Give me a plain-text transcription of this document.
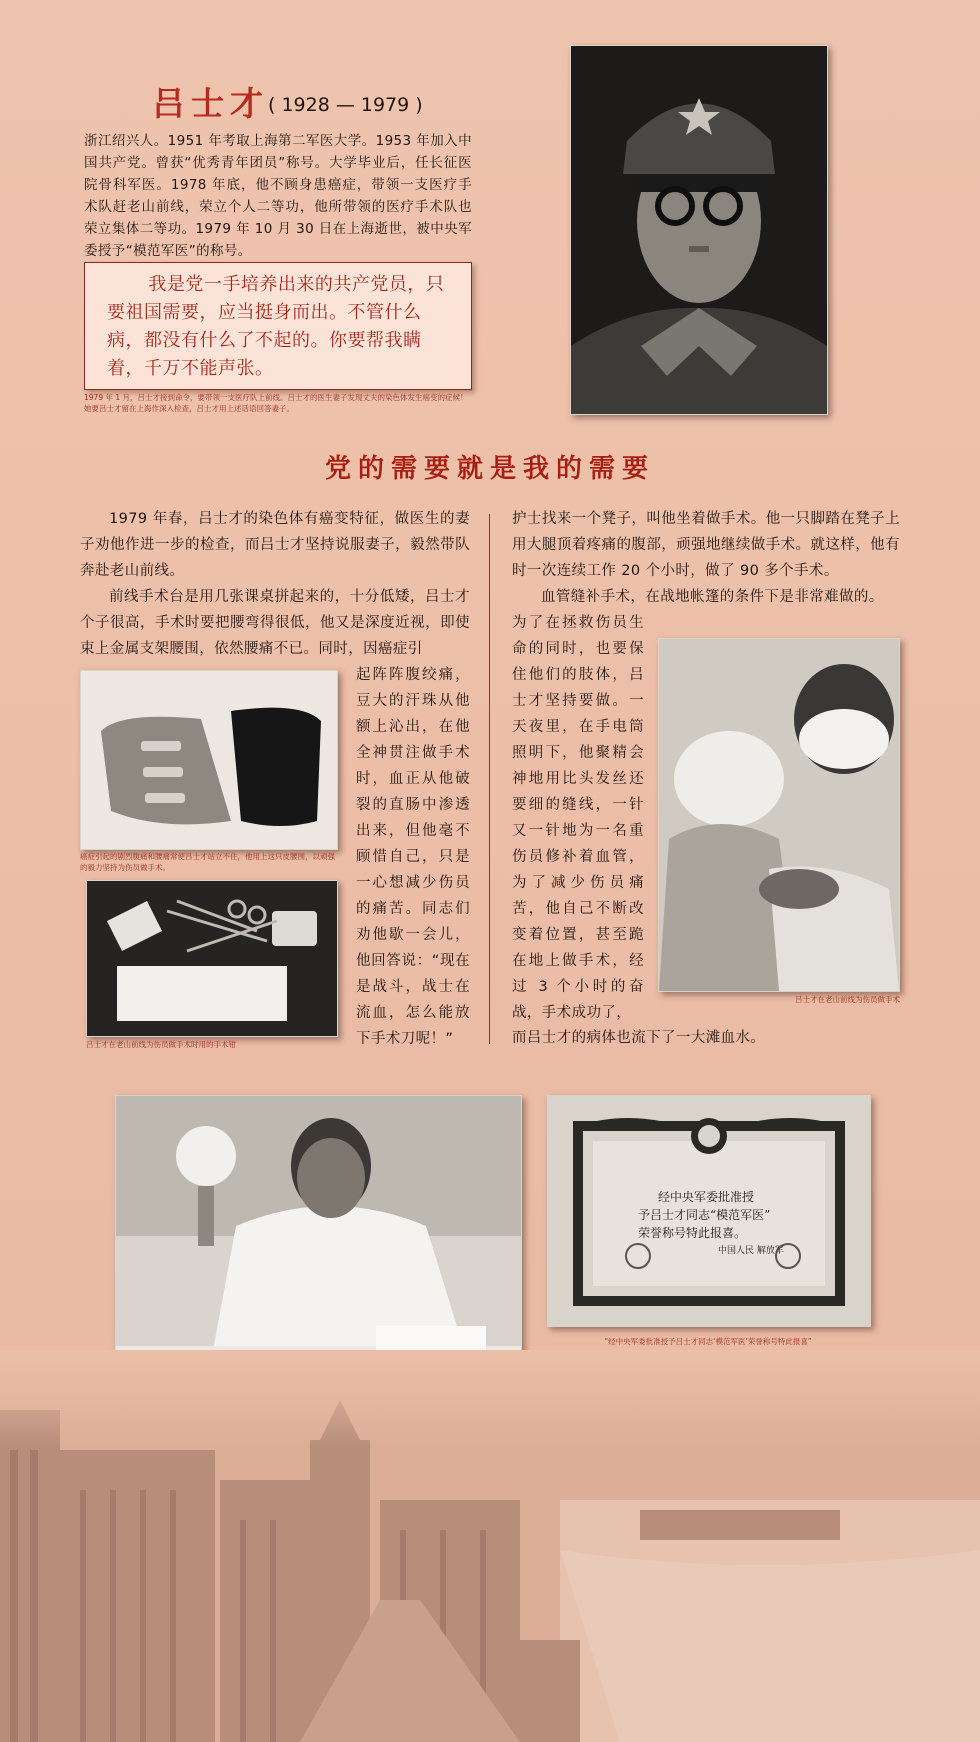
吕士才 ( 1928 — 1979 )
浙江绍兴人。1951 年考取上海第二军医大学。1953 年加入中国共产党。曾获“优秀青年团员”称号。大学毕业后，任长征医院骨科军医。1978 年底，他不顾身患癌症，带领一支医疗手术队赶老山前线，荣立个人二等功，他所带领的医疗手术队也荣立集体二等功。1979 年 10 月 30 日在上海逝世，被中央军委授予“模范军医”的称号。
我是党一手培养出来的共产党员，只要祖国需要，应当挺身而出。不管什么病，都没有什么了不起的。你要帮我瞒着，千万不能声张。
1979 年 1 月，吕士才接到命令，要带领一支医疗队上前线。吕士才的医生妻子发现丈夫的染色体发生癌变的症候！她要吕士才留在上海作深入检查，吕士才用上述话语回答妻子。
党的需要就是我的需要

1979 年春，吕士才的染色体有癌变特征，做医生的妻子劝他作进一步的检查，而吕士才坚持说服妻子，毅然带队奔赴老山前线。

前线手术台是用几张课桌拼起来的，十分低矮，吕士才个子很高，手术时要把腰弯得很低，他又是深度近视，即使束上金属支架腰围，依然腰痛不已。同时，因癌症引

起阵阵腹绞痛，豆大的汗珠从他额上沁出，在他全神贯注做手术时，血正从他破裂的直肠中渗透出来，但他毫不顾惜自己，只是一心想减少伤员的痛苦。同志们劝他歇一会儿，他回答说：“现在是战斗，战士在流血，怎么能放下手术刀呢！”
癌症引起的剧烈腹痛和腰痛常使吕士才站立不住，他用上这只皮腰围，以顽强的毅力坚持为伤员做手术。
吕士才在老山前线为伤员做手术时用的手术钳
护士找来一个凳子，叫他坐着做手术。他一只脚踏在凳子上用大腿顶着疼痛的腹部，顽强地继续做手术。就这样，他有时一次连续工作 20 个小时，做了 90 多个手术。

血管缝补手术，在战地帐篷的条件下是非常难做的。

为了在拯救伤员生命的同时，也要保住他们的肢体，吕士才坚持要做。一天夜里，在手电筒照明下，他聚精会神地用比头发丝还要细的缝线，一针又一针地为一名重伤员修补着血管，为了减少伤员痛苦，他自己不断改变着位置，甚至跪在地上做手术，经过 3 个小时的奋战，手术成功了，
而吕士才的病体也流下了一大滩血水。
吕士才在老山前线为伤员做手术
经中央军委批准授
予吕士才同志“模范军医”
荣誉称号特此报喜。
中国人民 解放军
“经中央军委批准授予吕士才同志‘模范军医’荣誉称号特此报喜”
